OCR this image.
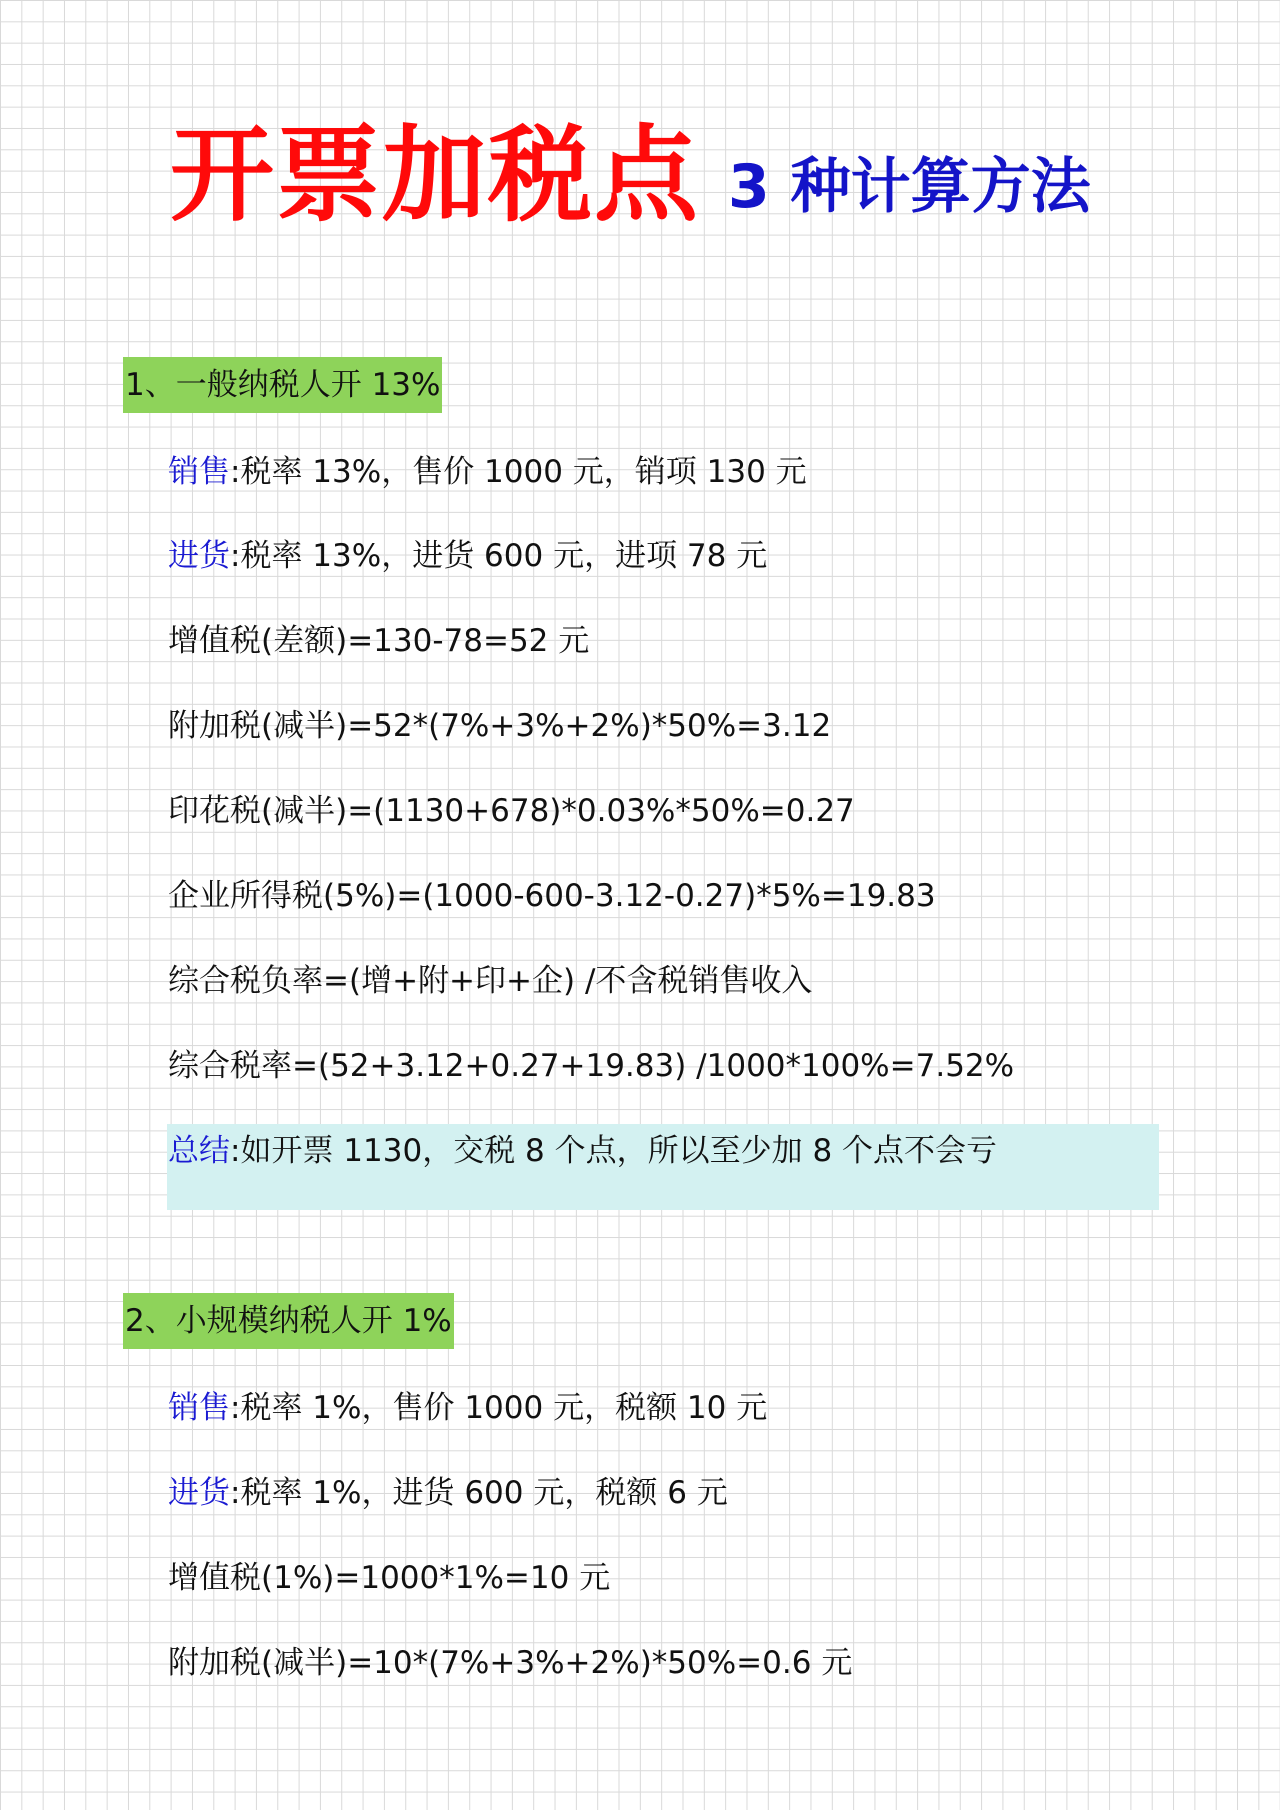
开票加税点 3 种计算方法
1、一般纳税人开 13%
销售:税率 13%，售价 1000 元，销项 130 元
进货:税率 13%，进货 600 元，进项 78 元
增值税(差额)=130-78=52 元
附加税(减半)=52*(7%+3%+2%)*50%=3.12
印花税(减半)=(1130+678)*0.03%*50%=0.27
企业所得税(5%)=(1000-600-3.12-0.27)*5%=19.83
综合税负率=(增+附+印+企) /不含税销售收入
综合税率=(52+3.12+0.27+19.83) /1000*100%=7.52%
总结:如开票 1130，交税 8 个点，所以至少加 8 个点不会亏
2、小规模纳税人开 1%
销售:税率 1%，售价 1000 元，税额 10 元
进货:税率 1%，进货 600 元，税额 6 元
增值税(1%)=1000*1%=10 元
附加税(减半)=10*(7%+3%+2%)*50%=0.6 元
